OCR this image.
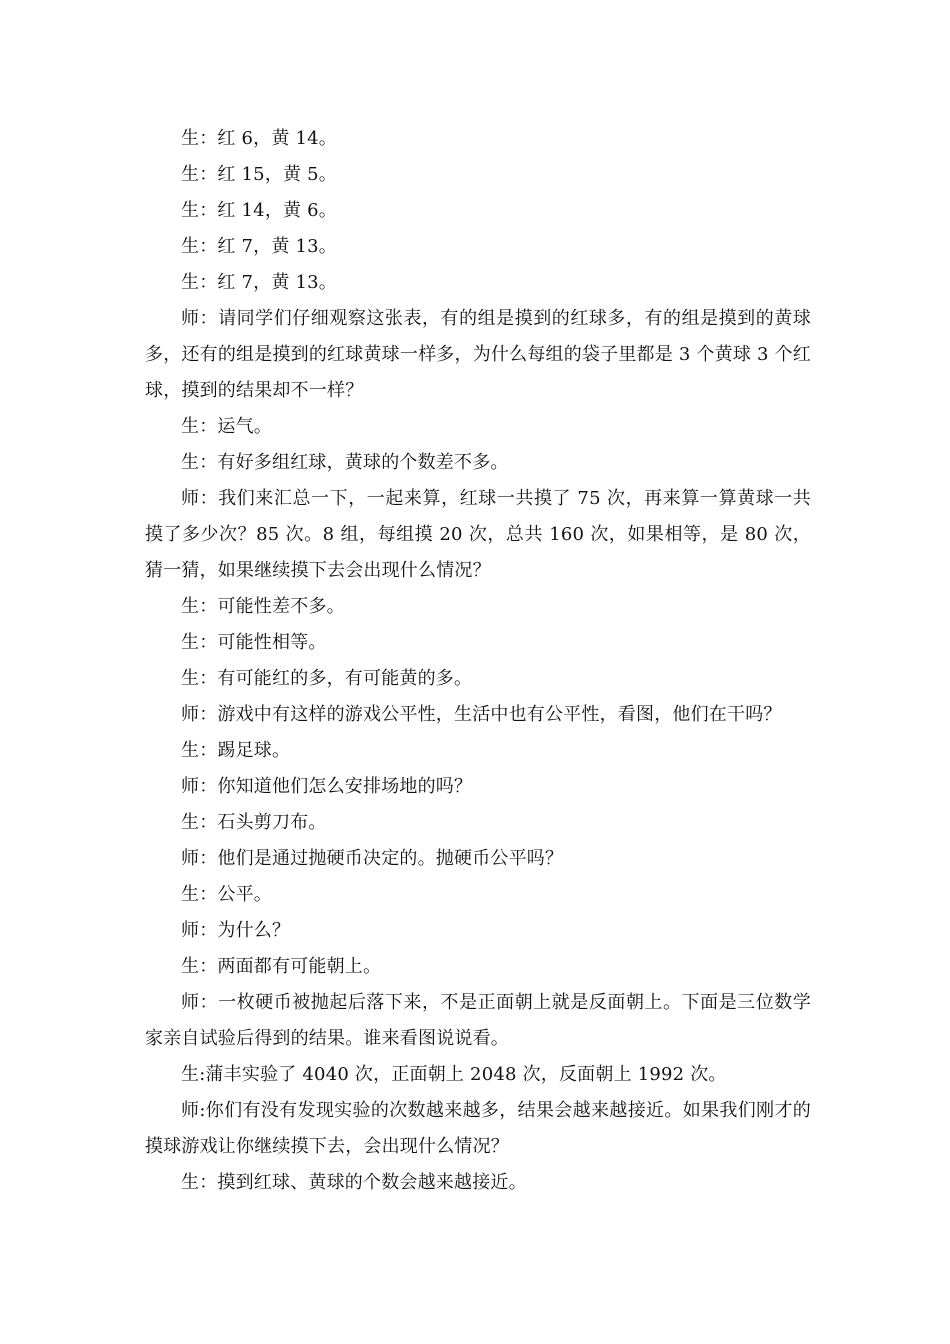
生：红 6，黄 14。

生：红 15，黄 5。

生：红 14，黄 6。

生：红 7，黄 13。

生：红 7，黄 13。

师：请同学们仔细观察这张表，有的组是摸到的红球多，有的组是摸到的黄球多，还有的组是摸到的红球黄球一样多，为什么每组的袋子里都是 3 个黄球 3 个红球，摸到的结果却不一样？

生：运气。

生：有好多组红球，黄球的个数差不多。

师：我们来汇总一下，一起来算，红球一共摸了 75 次，再来算一算黄球一共摸了多少次？85 次。8 组，每组摸 20 次，总共 160 次，如果相等，是 80 次，猜一猜，如果继续摸下去会出现什么情况？

生：可能性差不多。

生：可能性相等。

生：有可能红的多，有可能黄的多。

师：游戏中有这样的游戏公平性，生活中也有公平性，看图，他们在干吗？

生：踢足球。

师：你知道他们怎么安排场地的吗？

生：石头剪刀布。

师：他们是通过抛硬币决定的。抛硬币公平吗？

生：公平。

师：为什么？

生：两面都有可能朝上。

师：一枚硬币被抛起后落下来，不是正面朝上就是反面朝上。下面是三位数学家亲自试验后得到的结果。谁来看图说说看。

生:蒲丰实验了 4040 次，正面朝上 2048 次，反面朝上 1992 次。

师:你们有没有发现实验的次数越来越多，结果会越来越接近。如果我们刚才的摸球游戏让你继续摸下去，会出现什么情况？

生：摸到红球、黄球的个数会越来越接近。
